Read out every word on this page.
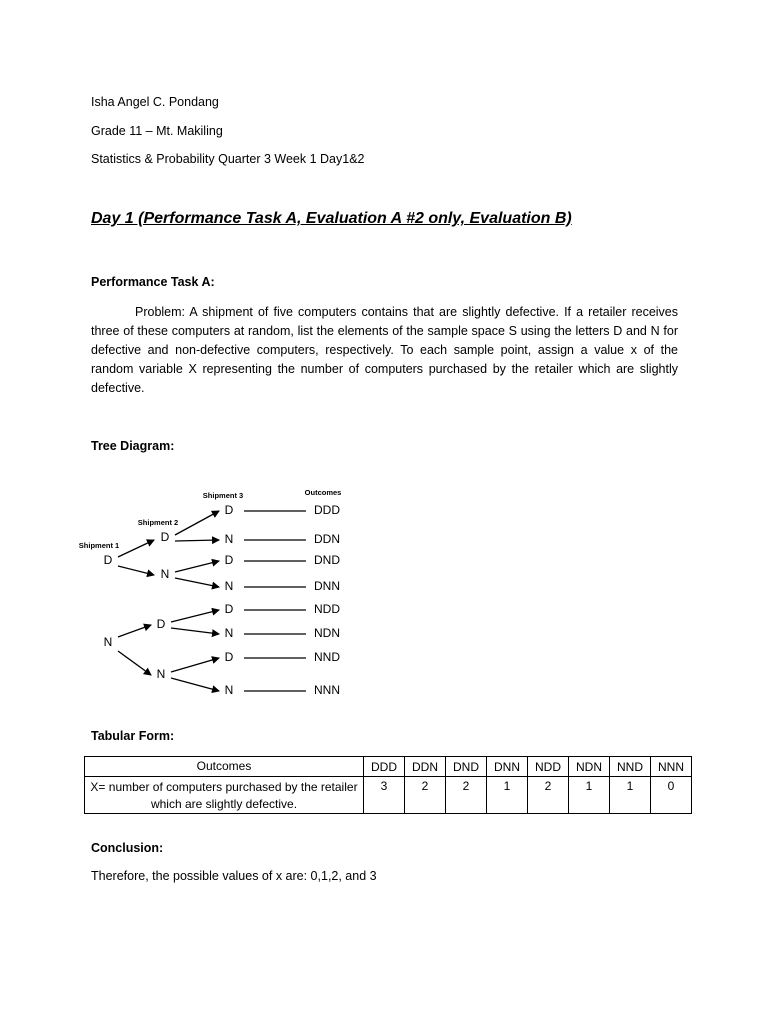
Isha Angel C. Pondang
Grade 11 – Mt. Makiling
Statistics & Probability Quarter 3 Week 1 Day1&2
Day 1 (Performance Task A, Evaluation A #2 only, Evaluation B)
Performance Task A:
Problem: A shipment of five computers contains that are slightly defective. If a retailer receives three of these computers at random, list the elements of the sample space S using the letters D and N for defective and non-defective computers, respectively. To each sample point, assign a value x of the random variable X representing the number of computers purchased by the retailer which are slightly defective.
Tree Diagram:
Shipment 1
Shipment 2
Shipment 3	Outcomes
D
N
D
N
D
N
D
N
D
N
D
N
D
N
DDD
DDN
DND
DNN
NDD
NDN
NND
NNN
Tabular Form:
Outcomes	DDD	DDN	DND	DNN	NDD	NDN	NND	NNN
X= number of computers purchased by the retailer which are slightly defective.	3	2	2	1	2	1	1	0
Conclusion:
Therefore, the possible values of x are: 0,1,2, and 3
